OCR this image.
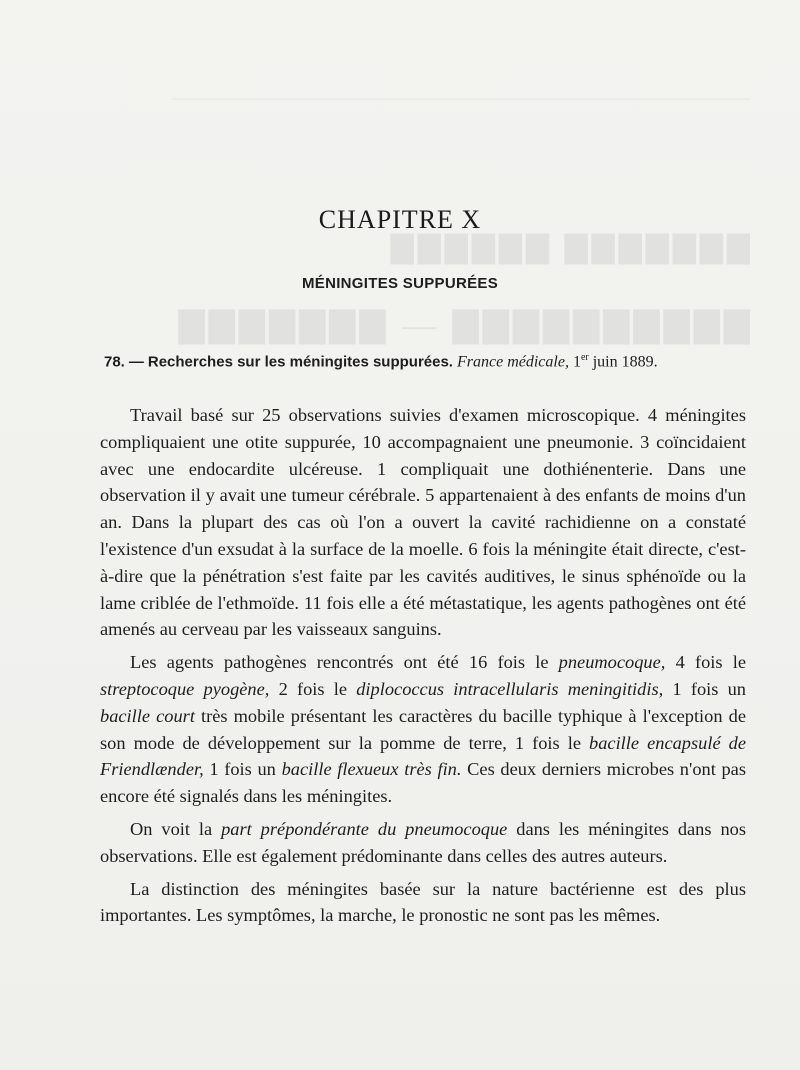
——————————————————————————————————
▇▇▇▇▇▇▇ ▇▇▇▇▇▇
▇▇▇▇▇▇▇▇▇▇ — ▇▇▇▇▇▇▇
CHAPITRE X
MÉNINGITES SUPPURÉES
78. — Recherches sur les méningites suppurées. France médicale, 1er juin 1889.

Travail basé sur 25 observations suivies d'examen microscopique. 4 méningites compliquaient une otite suppurée, 10 accompagnaient une pneumonie. 3 coïncidaient avec une endocardite ulcéreuse. 1 compliquait une dothiénenterie. Dans une observation il y avait une tumeur cérébrale. 5 appartenaient à des enfants de moins d'un an. Dans la plupart des cas où l'on a ouvert la cavité rachidienne on a constaté l'existence d'un exsudat à la surface de la moelle. 6 fois la méningite était directe, c'est-à-dire que la pénétration s'est faite par les cavités auditives, le sinus sphénoïde ou la lame criblée de l'ethmoïde. 11 fois elle a été métastatique, les agents pathogènes ont été amenés au cerveau par les vaisseaux sanguins.

Les agents pathogènes rencontrés ont été 16 fois le pneumocoque, 4 fois le streptocoque pyogène, 2 fois le diplococcus intracellularis meningitidis, 1 fois un bacille court très mobile présentant les caractères du bacille typhique à l'exception de son mode de développement sur la pomme de terre, 1 fois le bacille encapsulé de Friendlænder, 1 fois un bacille flexueux très fin. Ces deux derniers microbes n'ont pas encore été signalés dans les méningites.

On voit la part prépondérante du pneumocoque dans les méningites dans nos observations. Elle est également prédominante dans celles des autres auteurs.

La distinction des méningites basée sur la nature bactérienne est des plus importantes. Les symptômes, la marche, le pronostic ne sont pas les mêmes.
